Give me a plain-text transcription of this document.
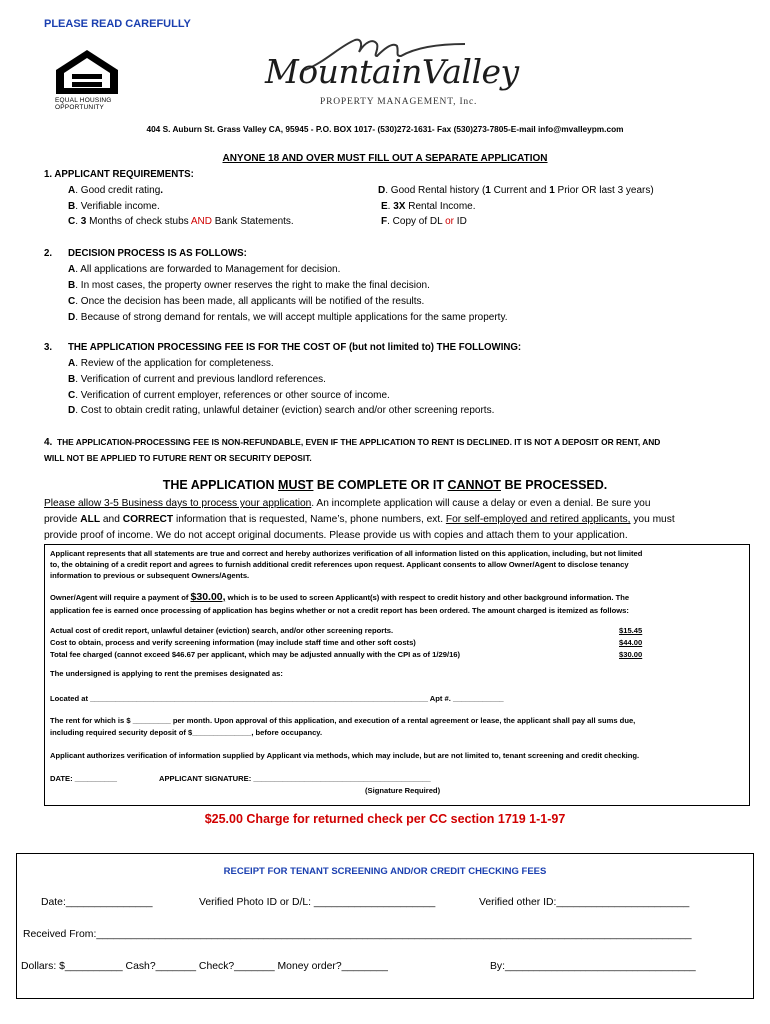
PLEASE READ CAREFULLY
EQUAL HOUSING
OPPORTUNITY
MountainValley
PROPERTY MANAGEMENT, Inc.
404 S. Auburn St. Grass Valley CA, 95945 - P.O. BOX 1017- (530)272-1631- Fax (530)273-7805-E-mail info@mvalleypm.com
ANYONE 18 AND OVER MUST FILL OUT A SEPARATE APPLICATION
1. APPLICANT REQUIREMENTS:
A. Good credit rating.
B. Verifiable income.
C. 3 Months of check stubs AND Bank Statements.
D. Good Rental history (1 Current and 1 Prior OR last 3 years)
E. 3X Rental Income.
F. Copy of DL or ID
2. DECISION PROCESS IS AS FOLLOWS:
A. All applications are forwarded to Management for decision.
B. In most cases, the property owner reserves the right to make the final decision.
C. Once the decision has been made, all applicants will be notified of the results.
D. Because of strong demand for rentals, we will accept multiple applications for the same property.
3. THE APPLICATION PROCESSING FEE IS FOR THE COST OF (but not limited to) THE FOLLOWING:
A. Review of the application for completeness.
B. Verification of current and previous landlord references.
C. Verification of current employer, references or other source of income.
D. Cost to obtain credit rating, unlawful detainer (eviction) search and/or other screening reports.
4. THE APPLICATION-PROCESSING FEE IS NON-REFUNDABLE, EVEN IF THE APPLICATION TO RENT IS DECLINED. IT IS NOT A DEPOSIT OR RENT, AND
WILL NOT BE APPLIED TO FUTURE RENT OR SECURITY DEPOSIT.
THE APPLICATION MUST BE COMPLETE OR IT CANNOT BE PROCESSED.
Please allow 3-5 Business days to process your application. An incomplete application will cause a delay or even a denial. Be sure you
provide ALL and CORRECT information that is requested, Name’s, phone numbers, ext. For self-employed and retired applicants, you must
provide proof of income. We do not accept original documents. Please provide us with copies and attach them to your application.
Applicant represents that all statements are true and correct and hereby authorizes verification of all information listed on this application, including, but not limited
to, the obtaining of a credit report and agrees to furnish additional credit references upon request. Applicant consents to allow Owner/Agent to disclose tenancy
information to previous or subsequent Owners/Agents.
Owner/Agent will require a payment of $30.00, which is to be used to screen Applicant(s) with respect to credit history and other background information. The
application fee is earned once processing of application has begins whether or not a credit report has been ordered. The amount charged is itemized as follows:
Actual cost of credit report, unlawful detainer (eviction) search, and/or other screening reports.	$15.45
Cost to obtain, process and verify screening information (may include staff time and other soft costs)	$44.00
Total fee charged (cannot exceed $46.67 per applicant, which may be adjusted annually with the CPI as of 1/29/16)	$30.00
The undersigned is applying to rent the premises designated as:
Located at ________________________________________________________________________________ Apt #. ____________
The rent for which is $ _________ per month. Upon approval of this application, and execution of a rental agreement or lease, the applicant shall pay all sums due,
including required security deposit of $______________, before occupancy.
Applicant authorizes verification of information supplied by Applicant via methods, which may include, but are not limited to, tenant screening and credit checking.
DATE: __________	APPLICANT SIGNATURE: __________________________________________
(Signature Required)
$25.00 Charge for returned check per CC section 1719 1-1-97
RECEIPT FOR TENANT SCREENING AND/OR CREDIT CHECKING FEES
Date:_______________	Verified Photo ID or D/L: _____________________	Verified other ID:_______________________
Received From:_______________________________________________________________________________________________________
Dollars: $__________ Cash?_______ Check?_______ Money order?________	By:_________________________________
